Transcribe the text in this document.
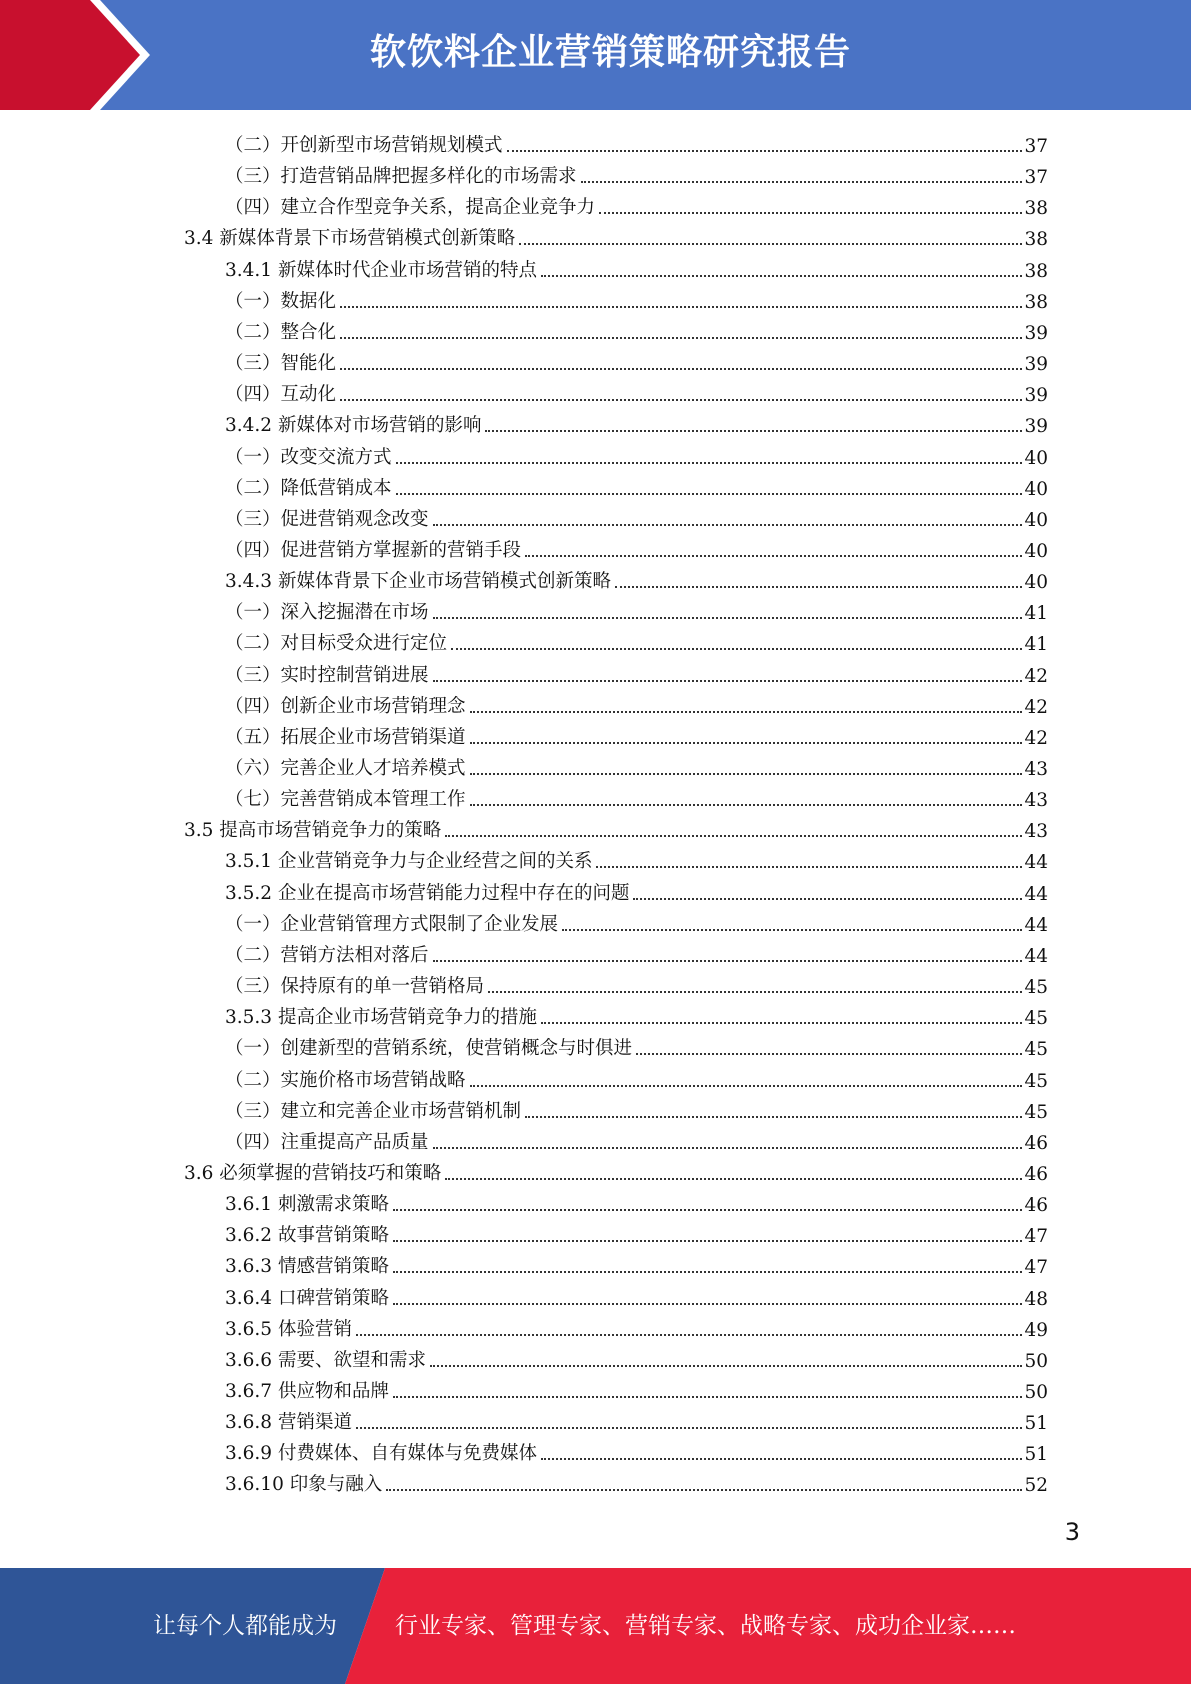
软饮料企业营销策略研究报告
（二）开创新型市场营销规划模式	37
（三）打造营销品牌把握多样化的市场需求	37
（四）建立合作型竞争关系，提高企业竞争力	38
3.4 新媒体背景下市场营销模式创新策略	38
3.4.1 新媒体时代企业市场营销的特点	38
（一）数据化	38
（二）整合化	39
（三）智能化	39
（四）互动化	39
3.4.2 新媒体对市场营销的影响	39
（一）改变交流方式	40
（二）降低营销成本	40
（三）促进营销观念改变	40
（四）促进营销方掌握新的营销手段	40
3.4.3 新媒体背景下企业市场营销模式创新策略	40
（一）深入挖掘潜在市场	41
（二）对目标受众进行定位	41
（三）实时控制营销进展	42
（四）创新企业市场营销理念	42
（五）拓展企业市场营销渠道	42
（六）完善企业人才培养模式	43
（七）完善营销成本管理工作	43
3.5 提高市场营销竞争力的策略	43
3.5.1 企业营销竞争力与企业经营之间的关系	44
3.5.2 企业在提高市场营销能力过程中存在的问题	44
（一）企业营销管理方式限制了企业发展	44
（二）营销方法相对落后	44
（三）保持原有的单一营销格局	45
3.5.3 提高企业市场营销竞争力的措施	45
（一）创建新型的营销系统，使营销概念与时俱进	45
（二）实施价格市场营销战略	45
（三）建立和完善企业市场营销机制	45
（四）注重提高产品质量	46
3.6 必须掌握的营销技巧和策略	46
3.6.1 刺激需求策略	46
3.6.2 故事营销策略	47
3.6.3 情感营销策略	47
3.6.4 口碑营销策略	48
3.6.5 体验营销	49
3.6.6 需要、欲望和需求	50
3.6.7 供应物和品牌	50
3.6.8 营销渠道	51
3.6.9 付费媒体、自有媒体与免费媒体	51
3.6.10 印象与融入	52
3
让每个人都能成为	行业专家、管理专家、营销专家、战略专家、成功企业家……
